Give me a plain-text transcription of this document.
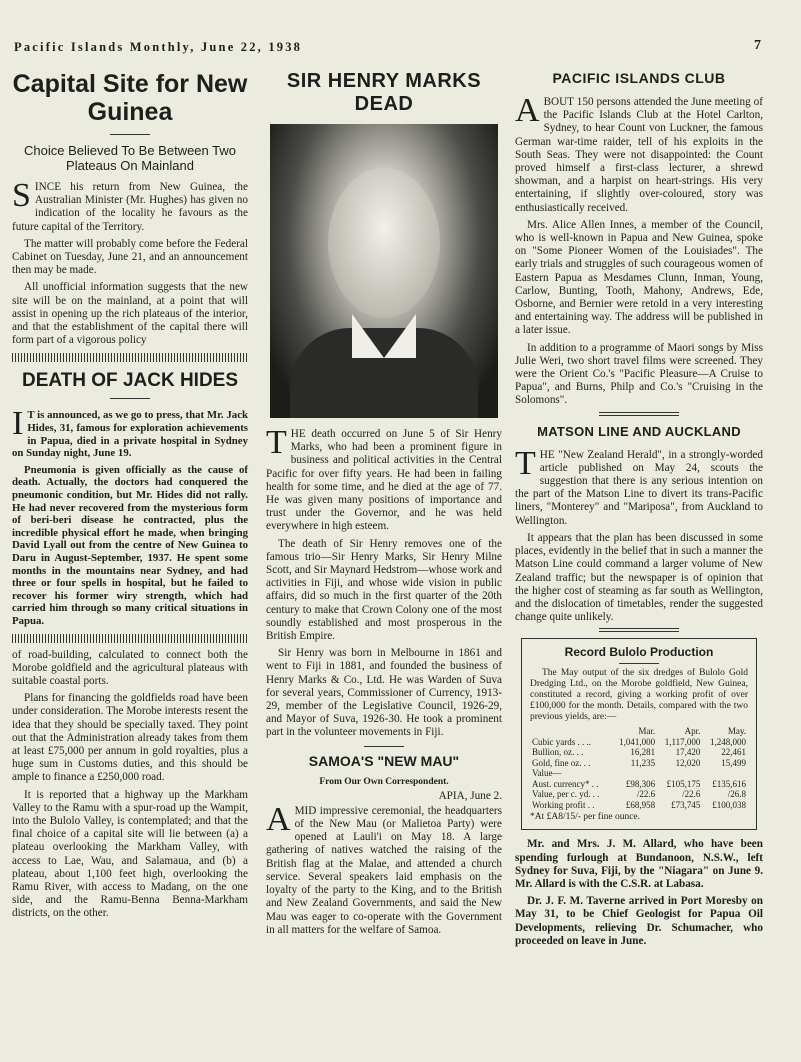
Pacific Islands Monthly, June 22, 1938	7
Capital Site for New Guinea
Choice Believed To Be Between Two Plateaus On Mainland

SINCE his return from New Guinea, the Australian Minister (Mr. Hughes) has given no indication of the locality he favours as the future capital of the Territory.

The matter will probably come before the Federal Cabinet on Tuesday, June 21, and an announcement then may be made.

All unofficial information suggests that the new site will be on the mainland, at a point that will assist in opening up the rich plateaus of the interior, and that the establishment of the capital there will form part of a vigorous policy

DEATH OF JACK HIDES

I T is announced, as we go to press, that Mr. Jack Hides, 31, famous for exploration achievements in Papua, died in a private hospital in Sydney on Sunday night, June 19.

Pneumonia is given officially as the cause of death. Actually, the doctors had conquered the pneumonic condition, but Mr. Hides did not rally. He had never recovered from the mysterious form of beri-beri disease he contracted, plus the incredible physical effort he made, when bringing David Lyall out from the centre of New Guinea to Daru in August-September, 1937. He spent some months in the mountains near Sydney, and had three or four spells in hospital, but he failed to recover his former wiry strength, which had carried him through so many critical situations in Papua.

of road-building, calculated to connect both the Morobe goldfield and the agricultural plateaus with suitable coastal ports.

Plans for financing the goldfields road have been under consideration. The Morobe interests resent the idea that they should be specially taxed. They point out that the Administration already takes from them at least £75,000 per annum in gold royalties, plus a huge sum in Customs duties, and this should be ample to finance a £250,000 road.

It is reported that a highway up the Markham Valley to the Ramu with a spur-road up the Wampit, into the Bulolo Valley, is contemplated; and that the final choice of a capital site will lie between (a) a plateau overlooking the Markham Valley, with access to Lae, Wau, and Salamaua, and (b) a plateau, about 1,100 feet high, overlooking the Ramu River, with access to Madang, on the one side, and the Ramu-Benna Benna-Markham districts, on the other.

SIR HENRY MARKS DEAD

THE death occurred on June 5 of Sir Henry Marks, who had been a prominent figure in business and political activities in the Central Pacific for over fifty years. He had been in failing health for some time, and he died at the age of 77. He was given many positions of importance and trust under the Governor, and he was held everywhere in high esteem.

The death of Sir Henry removes one of the famous trio—Sir Henry Marks, Sir Henry Milne Scott, and Sir Maynard Hedstrom—whose work and activities in Fiji, and whose wide vision in public affairs, did so much in the first quarter of the 20th century to make that Crown Colony one of the most soundly established and most prosperous in the British Empire.

Sir Henry was born in Melbourne in 1861 and went to Fiji in 1881, and founded the business of Henry Marks & Co., Ltd. He was Warden of Suva for several years, Commissioner of Currency, 1913-29, member of the Legislative Council, 1926-29, and Mayor of Suva, 1926-30. He took a prominent part in the volunteer movements in Fiji.

SAMOA'S "NEW MAU"
From Our Own Correspondent.
APIA, June 2.

AMID impressive ceremonial, the headquarters of the New Mau (or Malietoa Party) were opened at Lauli'i on May 18. A large gathering of natives watched the raising of the British flag at the Malae, and attended a church service. Several speakers laid emphasis on the loyalty of the party to the King, and to the British and New Zealand Governments, and said the New Mau was eager to co-operate with the Government in all matters for the welfare of Samoa.

PACIFIC ISLANDS CLUB

ABOUT 150 persons attended the June meeting of the Pacific Islands Club at the Hotel Carlton, Sydney, to hear Count von Luckner, the famous German war-time raider, tell of his exploits in the South Seas. They were not disappointed: the Count proved himself a first-class lecturer, a shrewd showman, and a harpist on heart-strings. His very entertaining, if slightly over-coloured, story was enthusiastically received.

Mrs. Alice Allen Innes, a member of the Council, who is well-known in Papua and New Guinea, spoke on "Some Pioneer Women of the Louisiades". The early trials and struggles of such courageous women of Eastern Papua as Mesdames Clunn, Inman, Young, Carlow, Bunting, Tooth, Mahony, Andrews, Ede, Osborne, and Bernier were retold in a very interesting and entertaining way. The address will be published in a later issue.

In addition to a programme of Maori songs by Miss Julie Weri, two short travel films were screened. They were the Orient Co.'s "Pacific Pleasure—A Cruise to Papua", and Burns, Philp and Co.'s "Cruising in the Solomons".

MATSON LINE AND AUCKLAND

THE "New Zealand Herald", in a strongly-worded article published on May 24, scouts the suggestion that there is any serious intention on the part of the Matson Line to divert its trans-Pacific liners, "Monterey" and "Mariposa", from Auckland to Wellington.

It appears that the plan has been discussed in some places, evidently in the belief that in such a manner the Matson Line could command a larger volume of New Zealand traffic; but the newspaper is of opinion that the higher cost of steaming as far south as Wellington, and the dislocation of timetables, render the suggested change quite unlikely.

Record Bulolo Production

The May output of the six dredges of Bulolo Gold Dredging Ltd., on the Morobe goldfield, New Guinea, constituted a record, giving a working profit of over £100,000 for the month. Details, compared with the two previous yields, are:—

	Mar.	Apr.	May.
Cubic yards . . ..	1,041,000	1,117,000	1,248,000
Bullion, oz. . .	16,281	17,420	22,461
Gold, fine oz. . .	11,235	12,020	15,499
Value—			
Aust. currency* . .	£98,306	£105,175	£135,616
Value, per c. yd. . .	/22.6	/22.6	/26.8
Working profit . .	£68,958	£73,745	£100,038
*At £A8/15/- per fine ounce.

Mr. and Mrs. J. M. Allard, who have been spending furlough at Bundanoon, N.S.W., left Sydney for Suva, Fiji, by the "Niagara" on June 9. Mr. Allard is with the C.S.R. at Labasa.

Dr. J. F. M. Taverne arrived in Port Moresby on May 31, to be Chief Geologist for Papua Oil Developments, relieving Dr. Schumacher, who proceeded on leave in June.
